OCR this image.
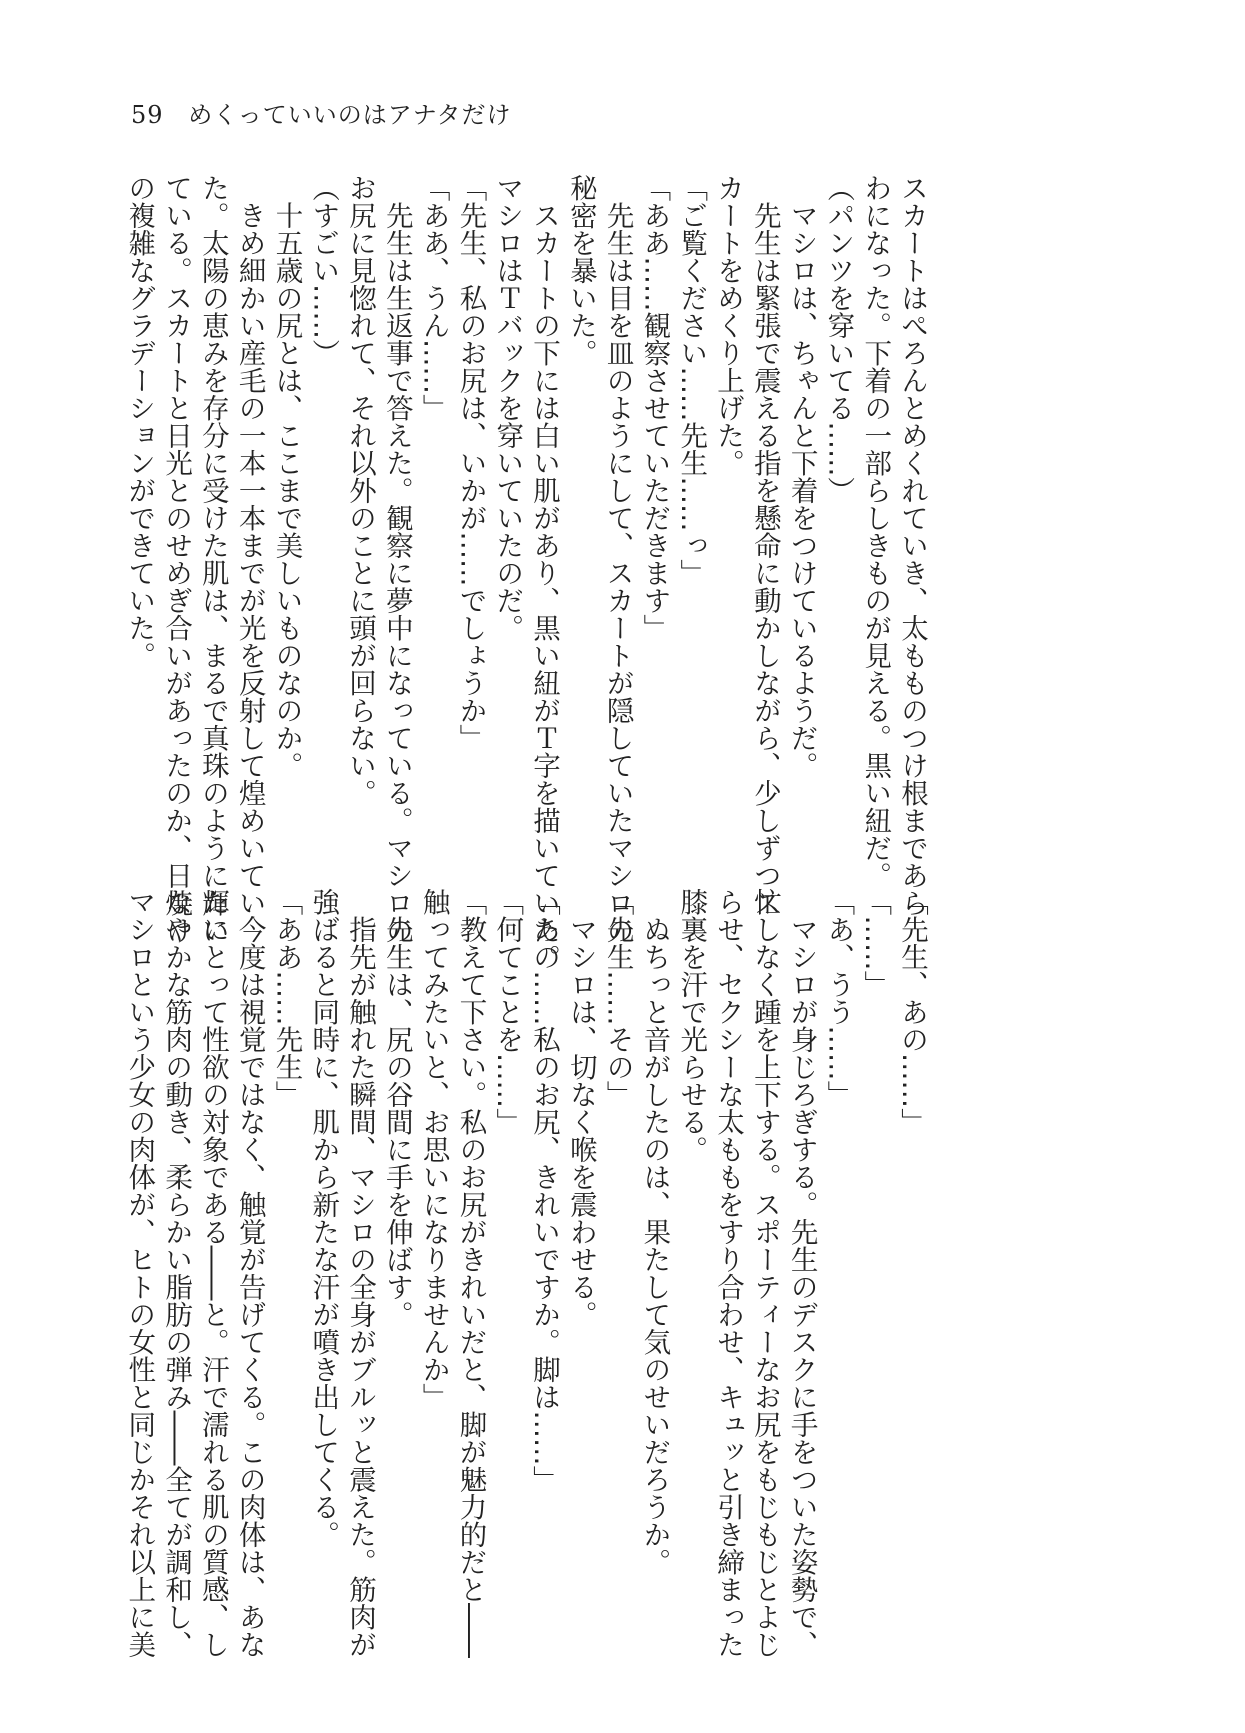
59 めくっていいのはアナタだけ

スカートはぺろんとめくれていき、太もものつけ根まであら

わになった。下着の一部らしきものが見える。黒い紐だ。

（パンツを穿いてる……）

　マシロは、ちゃんと下着をつけているようだ。

　先生は緊張で震える指を懸命に動かしながら、少しずつス

カートをめくり上げた。

「ご覧ください……先生……っ」

「ああ……観察させていただきます」

　先生は目を皿のようにして、スカートが隠していたマシロの

秘密を暴いた。

　スカートの下には白い肌があり、黒い紐がＴ字を描いていた。

マシロはＴバックを穿いていたのだ。

「先生、私のお尻は、いかが……でしょうか」

「ああ、うん……」

　先生は生返事で答えた。観察に夢中になっている。マシロの

お尻に見惚れて、それ以外のことに頭が回らない。

（すごい……）

　十五歳の尻とは、ここまで美しいものなのか。

　きめ細かい産毛の一本一本までが光を反射して煌めいてい

た。太陽の恵みを存分に受けた肌は、まるで真珠のように輝い

ている。スカートと日光とのせめぎ合いがあったのか、日焼け

の複雑なグラデーションができていた。

「先生、あの……」

「……」

「あ、うう……」

　マシロが身じろぎする。先生のデスクに手をついた姿勢で、

忙しなく踵を上下する。スポーティーなお尻をもじもじとよじ

らせ、セクシーな太ももをすり合わせ、キュッと引き締まった

膝裏を汗で光らせる。

　ぬちっと音がしたのは、果たして気のせいだろうか。

「先生……その」

　マシロは、切なく喉を震わせる。

「あの……私のお尻、きれいですか。脚は……」

「何てことを……」

「教えて下さい。私のお尻がきれいだと、脚が魅力的だと――

触ってみたいと、お思いになりませんか」

　先生は、尻の谷間に手を伸ばす。

　指先が触れた瞬間、マシロの全身がブルッと震えた。筋肉が

強ばると同時に、肌から新たな汗が噴き出してくる。

「ああ……先生」

　今度は視覚ではなく、触覚が告げてくる。この肉体は、あな

たにとって性欲の対象である――と。汗で濡れる肌の質感、し

なやかな筋肉の動き、柔らかい脂肪の弾み――全てが調和し、

マシロという少女の肉体が、ヒトの女性と同じかそれ以上に美
